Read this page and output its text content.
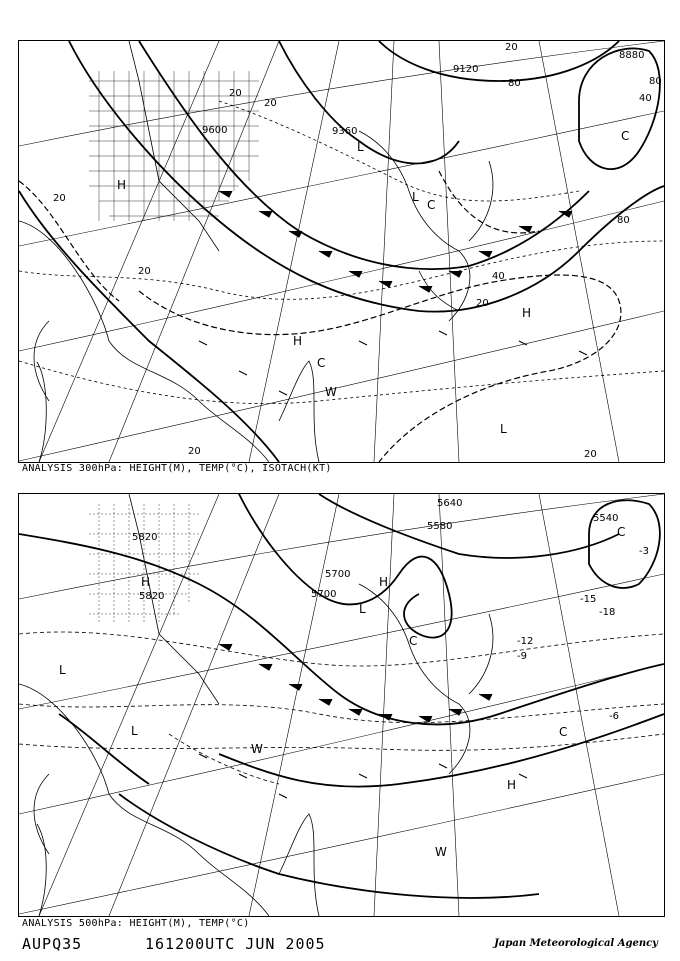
9600	9360
9120
8880
20
20
20
20
20
20
40
40
80
80	80
20	20
H
L
L
C
H
C
W
L
C
H
ANALYSIS 300hPa: HEIGHT(M), TEMP(°C), ISOTACH(KT)
5820
5820
5700
5700
5580
5540
5640
-12
-9
-15
-18
-6
-3
H
L
L
H
L
C
C
W
H
W
C
ANALYSIS 500hPa: HEIGHT(M), TEMP(°C)
AUPQ35	161200UTC JUN 2005	Japan Meteorological Agency
